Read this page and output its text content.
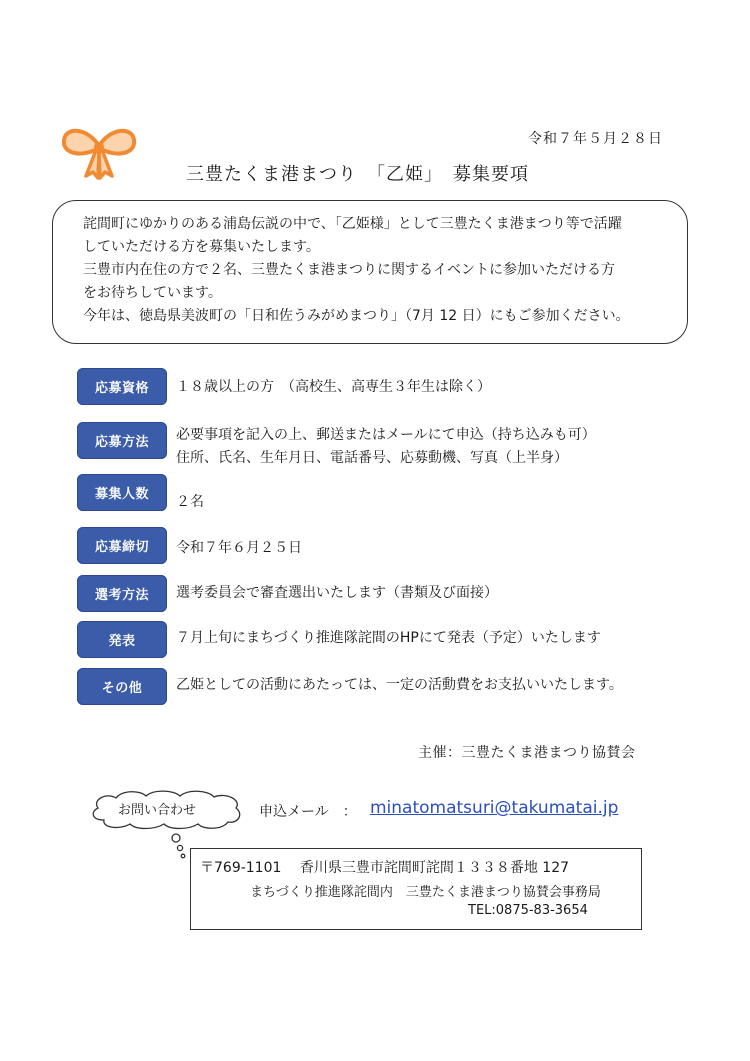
令和７年５月２８日
三豊たくま港まつり　「乙姫」　募集要項

詫間町にゆかりのある浦島伝説の中で、「乙姫様」として三豊たくま港まつり等で活躍

していただける方を募集いたします。

三豊市内在住の方で２名、三豊たくま港まつりに関するイベントに参加いただける方

をお待ちしています。

今年は、徳島県美波町の「日和佐うみがめまつり」（7月 12 日）にもご参加ください。

応募資格	１８歳以上の方　（高校生、高専生３年生は除く）
応募方法	必要事項を記入の上、郵送またはメールにて申込（持ち込みも可）
住所、氏名、生年月日、電話番号、応募動機、写真（上半身）
募集人数	２名
応募締切	令和７年６月２５日
選考方法	選考委員会で審査選出いたします（書類及び面接）
発表	７月上旬にまちづくり推進隊詫間のHPにて発表（予定）いたします
その他	乙姫としての活動にあたっては、一定の活動費をお支払いいたします。
主催：三豊たくま港まつり協賛会
お問い合わせ	申込メール　： minatomatsuri@takumatai.jp
〒769-1101　 香川県三豊市詫間町詫間１３３８番地 127
まちづくり推進隊詫間内　三豊たくま港まつり協賛会事務局
TEL:0875-83-3654
